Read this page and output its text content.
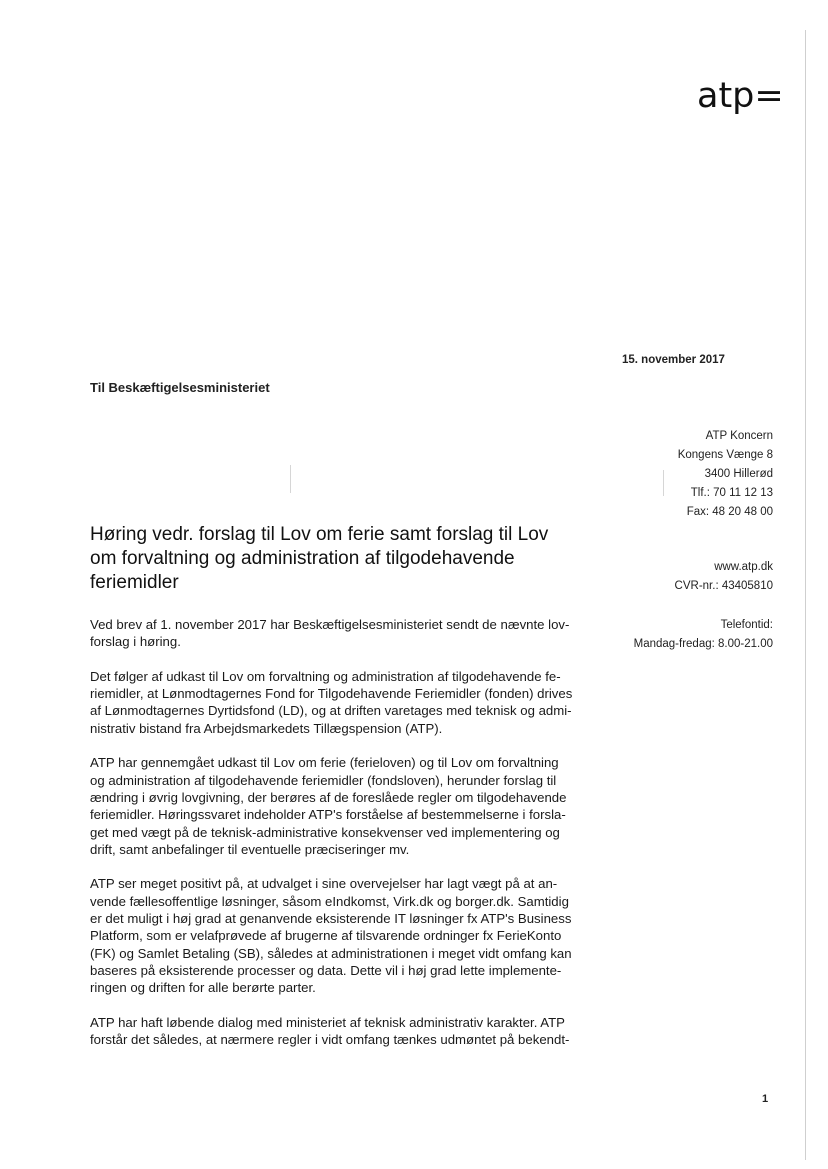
atp=
15. november 2017
Til Beskæftigelsesministeriet
ATP Koncern
Kongens Vænge 8
3400 Hillerød
Tlf.: 70 11 12 13
Fax: 48 20 48 00
www.atp.dk
CVR-nr.: 43405810
Telefontid:
Mandag-fredag: 8.00-21.00
Høring vedr. forslag til Lov om ferie samt forslag til Lov
om forvaltning og administration af tilgodehavende
feriemidler

Ved brev af 1. november 2017 har Beskæftigelsesministeriet sendt de nævnte lov-
forslag i høring.

Det følger af udkast til Lov om forvaltning og administration af tilgodehavende fe-
riemidler, at Lønmodtagernes Fond for Tilgodehavende Feriemidler (fonden) drives
af Lønmodtagernes Dyrtidsfond (LD), og at driften varetages med teknisk og admi-
nistrativ bistand fra Arbejdsmarkedets Tillægspension (ATP).

ATP har gennemgået udkast til Lov om ferie (ferieloven) og til Lov om forvaltning
og administration af tilgodehavende feriemidler (fondsloven), herunder forslag til
ændring i øvrig lovgivning, der berøres af de foreslåede regler om tilgodehavende
feriemidler. Høringssvaret indeholder ATP's forståelse af bestemmelserne i forsla-
get med vægt på de teknisk-administrative konsekvenser ved implementering og
drift, samt anbefalinger til eventuelle præciseringer mv.

ATP ser meget positivt på, at udvalget i sine overvejelser har lagt vægt på at an-
vende fællesoffentlige løsninger, såsom eIndkomst, Virk.dk og borger.dk. Samtidig
er det muligt i høj grad at genanvende eksisterende IT løsninger fx ATP's Business
Platform, som er velafprøvede af brugerne af tilsvarende ordninger fx FerieKonto
(FK) og Samlet Betaling (SB), således at administrationen i meget vidt omfang kan
baseres på eksisterende processer og data. Dette vil i høj grad lette implemente-
ringen og driften for alle berørte parter.

ATP har haft løbende dialog med ministeriet af teknisk administrativ karakter. ATP
forstår det således, at nærmere regler i vidt omfang tænkes udmøntet på bekendt-

1
